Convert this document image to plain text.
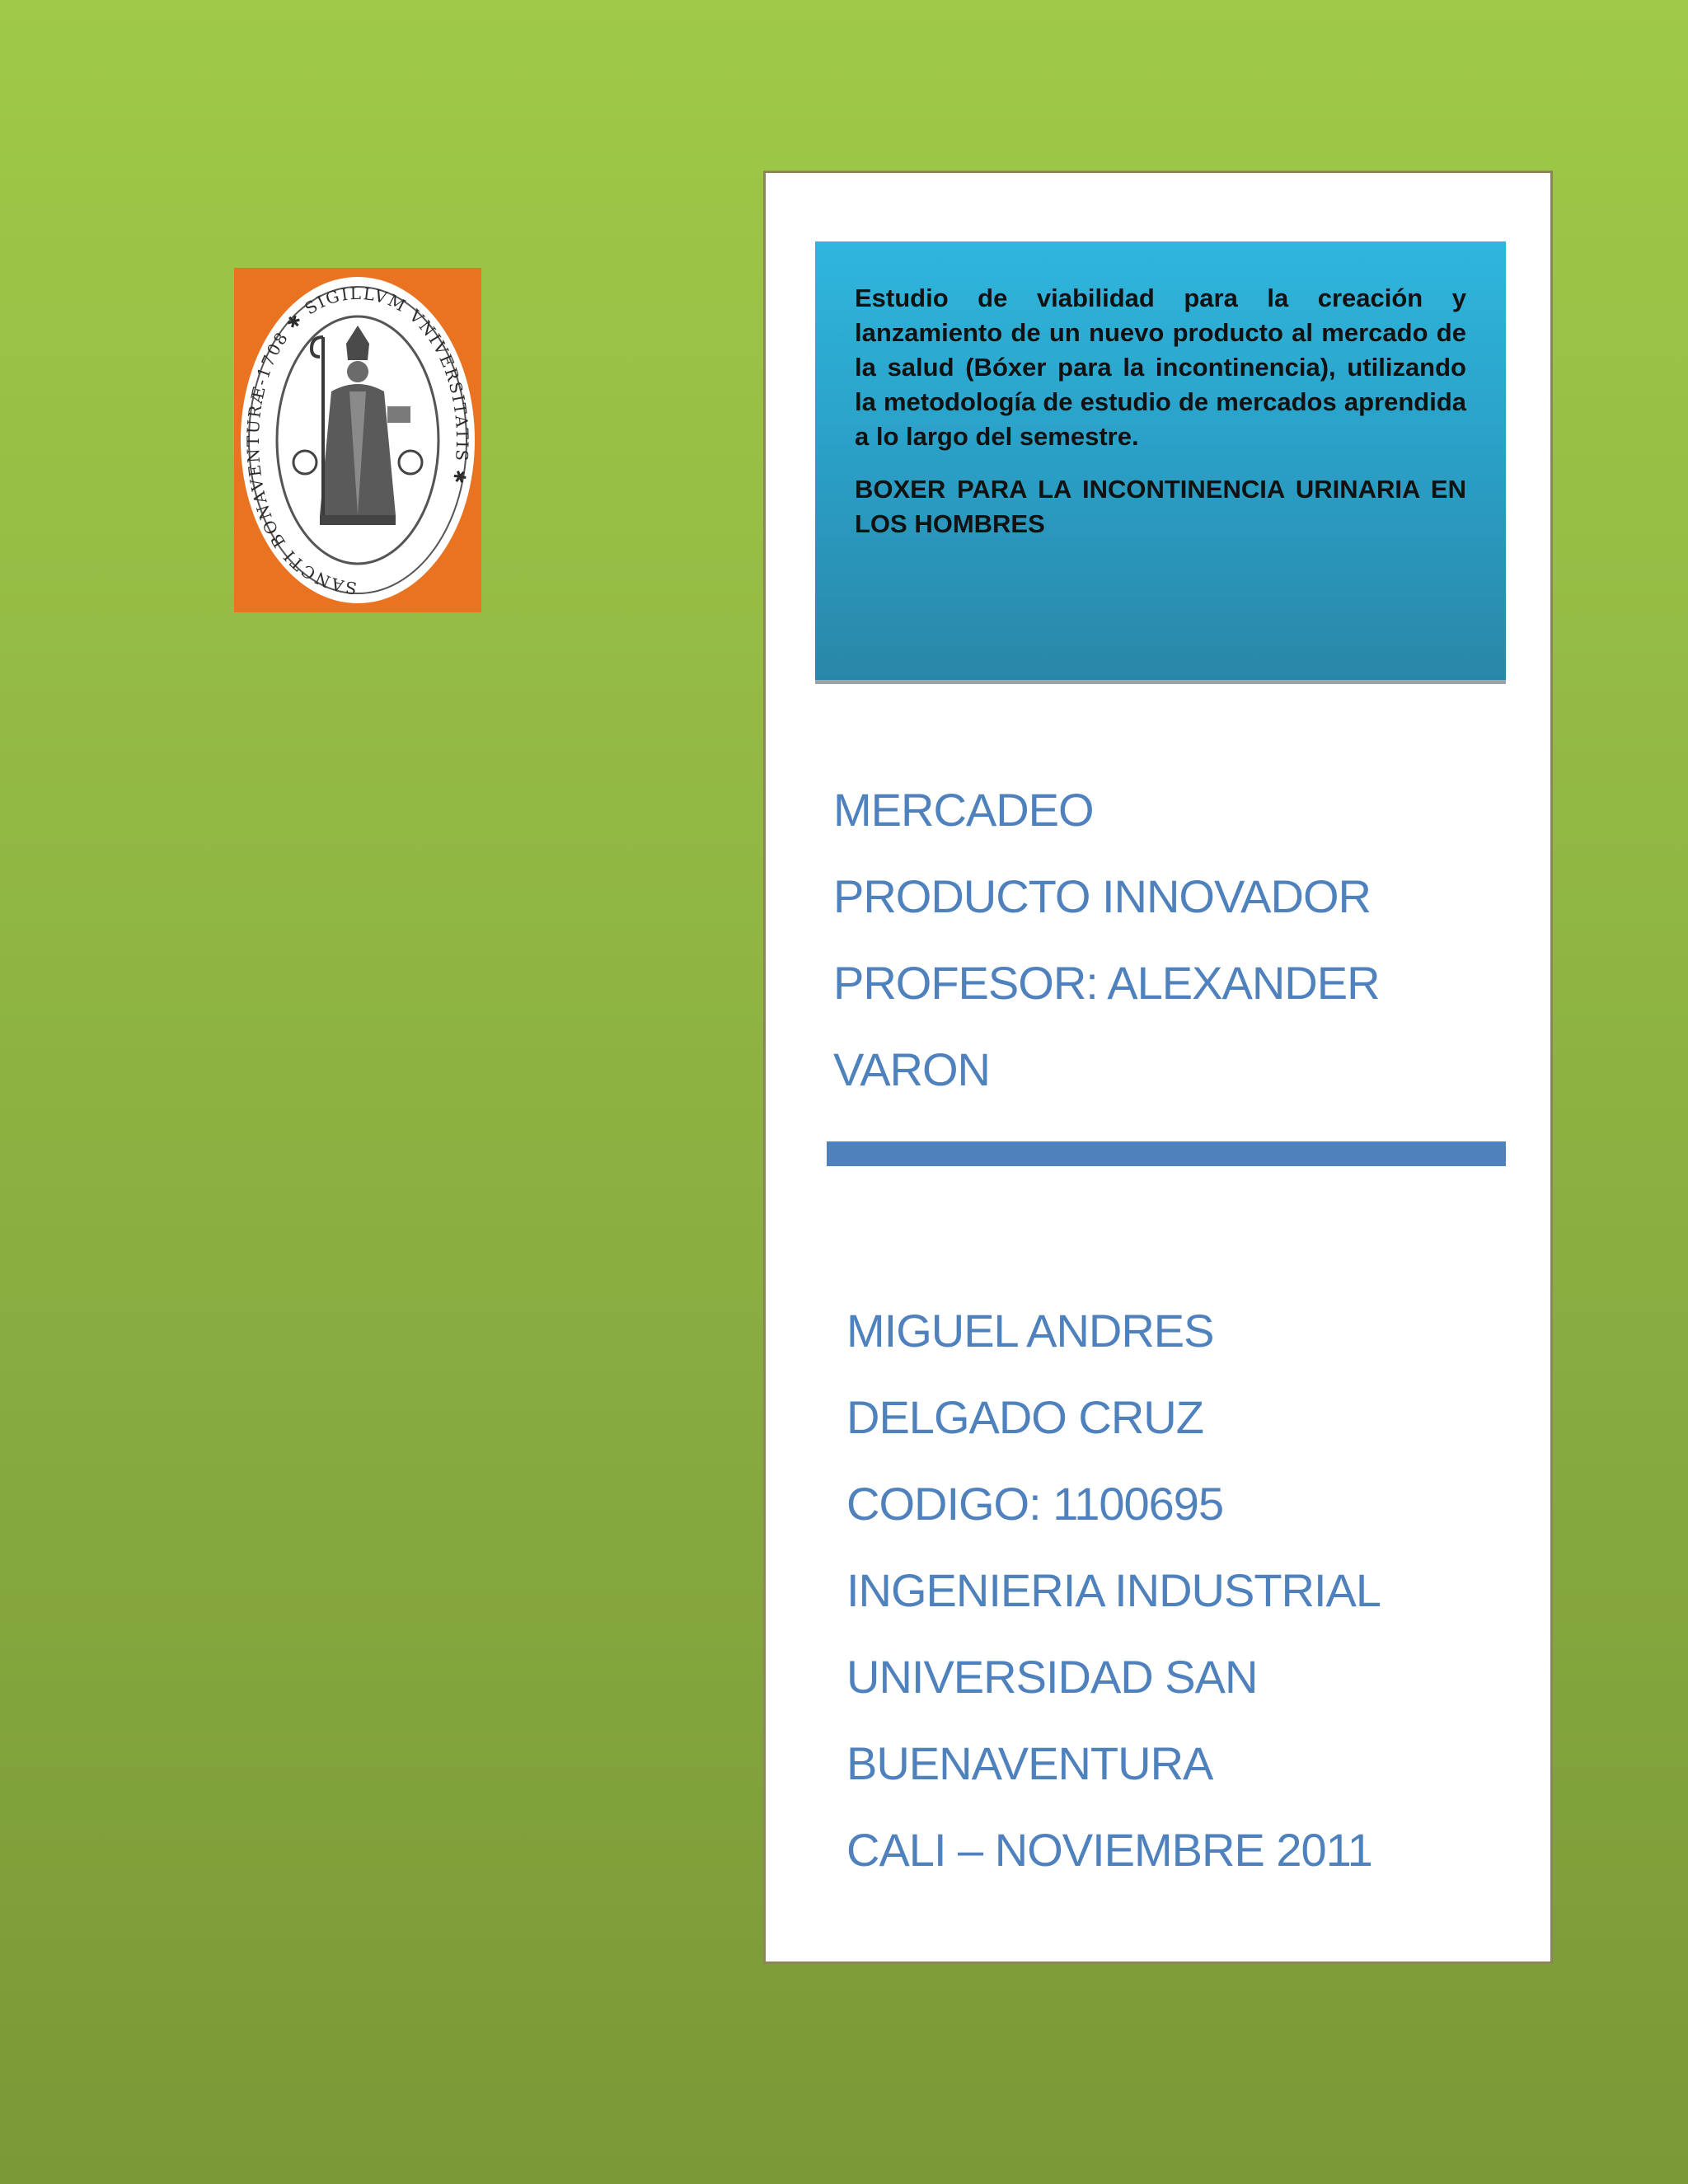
SANCTI BONAVENTURÆ-1708 ✱ SIGILLVM VNIVERSITATIS ✱

Estudio de viabilidad para la creación y lanzamiento de un nuevo producto al mercado de la salud (Bóxer para la incontinencia), utilizando la metodología de estudio de mercados aprendida a lo largo del semestre.

BOXER PARA LA INCONTINENCIA URINARIA EN LOS HOMBRES

MERCADEO
PRODUCTO INNOVADOR
PROFESOR: ALEXANDER
VARON
MIGUEL ANDRES
DELGADO CRUZ
CODIGO: 1100695
INGENIERIA INDUSTRIAL
UNIVERSIDAD SAN
BUENAVENTURA
CALI – NOVIEMBRE 2011
